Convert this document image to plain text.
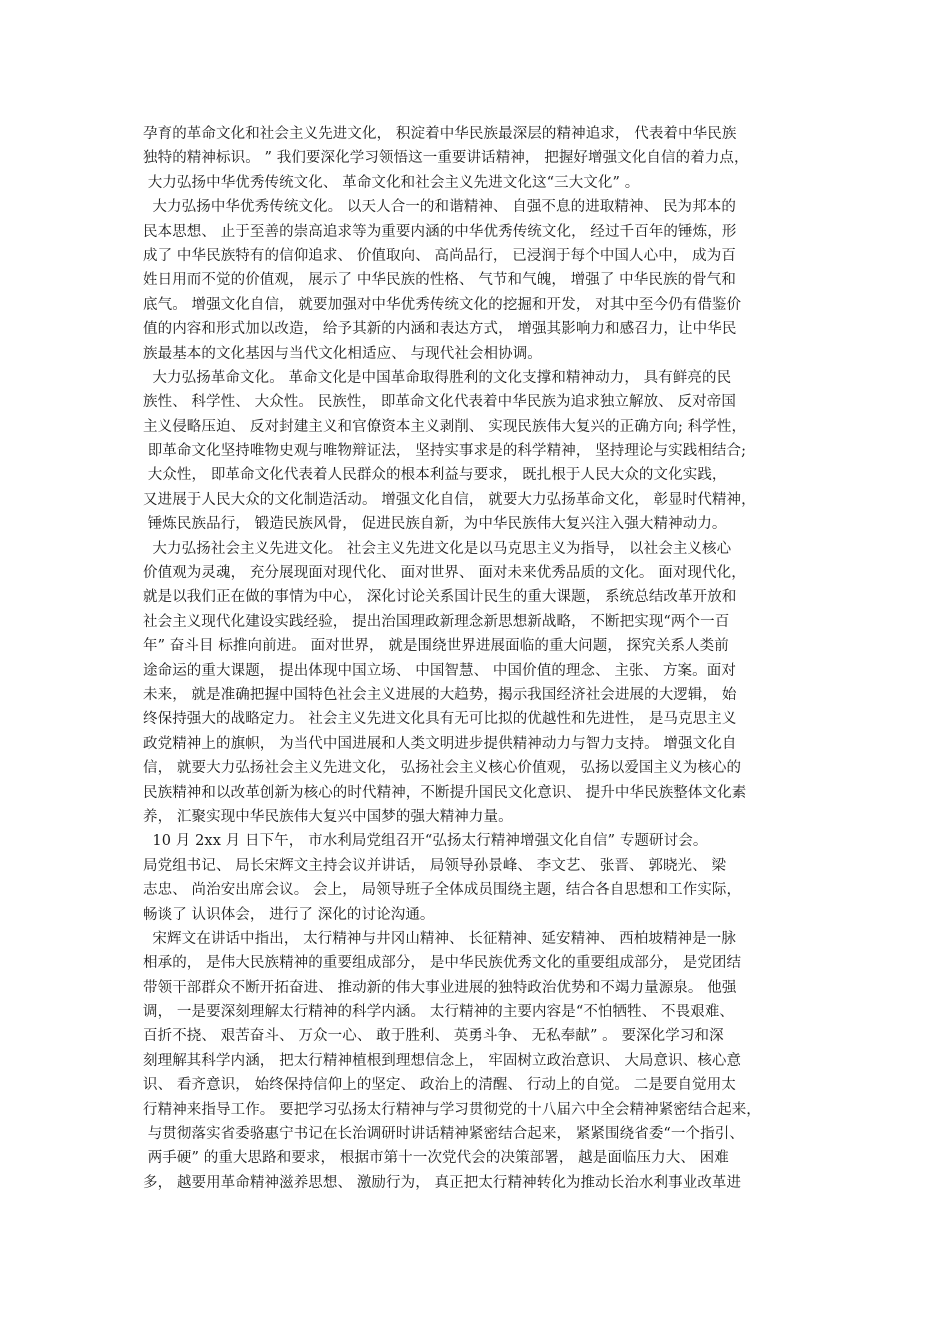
孕育的革命文化和社会主义先进文化， 积淀着中华民族最深层的精神追求， 代表着中华民族
独特的精神标识。 ” 我们要深化学习领悟这一重要讲话精神， 把握好增强文化自信的着力点，
大力弘扬中华优秀传统文化、 革命文化和社会主义先进文化这“三大文化” 。
大力弘扬中华优秀传统文化。 以天人合一的和谐精神、 自强不息的进取精神、 民为邦本的
民本思想、 止于至善的崇高追求等为重要内涵的中华优秀传统文化， 经过千百年的锤炼，形
成了 中华民族特有的信仰追求、 价值取向、 高尚品行， 已浸润于每个中国人心中， 成为百
姓日用而不觉的价值观， 展示了 中华民族的性格、 气节和气魄， 增强了 中华民族的骨气和
底气。 增强文化自信， 就要加强对中华优秀传统文化的挖掘和开发， 对其中至今仍有借鉴价
值的内容和形式加以改造， 给予其新的内涵和表达方式， 增强其影响力和感召力，让中华民
族最基本的文化基因与当代文化相适应、 与现代社会相协调。
大力弘扬革命文化。 革命文化是中国革命取得胜利的文化支撑和精神动力， 具有鲜亮的民
族性、 科学性、 大众性。 民族性， 即革命文化代表着中华民族为追求独立解放、 反对帝国
主义侵略压迫、 反对封建主义和官僚资本主义剥削、 实现民族伟大复兴的正确方向; 科学性，
即革命文化坚持唯物史观与唯物辩证法， 坚持实事求是的科学精神， 坚持理论与实践相结合;
大众性， 即革命文化代表着人民群众的根本利益与要求， 既扎根于人民大众的文化实践，
又进展于人民大众的文化制造活动。 增强文化自信， 就要大力弘扬革命文化， 彰显时代精神，
锤炼民族品行， 锻造民族风骨， 促进民族自新，为中华民族伟大复兴注入强大精神动力。
大力弘扬社会主义先进文化。 社会主义先进文化是以马克思主义为指导， 以社会主义核心
价值观为灵魂， 充分展现面对现代化、 面对世界、 面对未来优秀品质的文化。 面对现代化，
就是以我们正在做的事情为中心， 深化讨论关系国计民生的重大课题， 系统总结改革开放和
社会主义现代化建设实践经验， 提出治国理政新理念新思想新战略， 不断把实现“两个一百
年” 奋斗目 标推向前进。 面对世界， 就是围绕世界进展面临的重大问题， 探究关系人类前
途命运的重大课题， 提出体现中国立场、 中国智慧、 中国价值的理念、 主张、 方案。面对
未来， 就是准确把握中国特色社会主义进展的大趋势，揭示我国经济社会进展的大逻辑， 始
终保持强大的战略定力。 社会主义先进文化具有无可比拟的优越性和先进性， 是马克思主义
政党精神上的旗帜， 为当代中国进展和人类文明进步提供精神动力与智力支持。 增强文化自
信， 就要大力弘扬社会主义先进文化， 弘扬社会主义核心价值观， 弘扬以爱国主义为核心的
民族精神和以改革创新为核心的时代精神，不断提升国民文化意识、 提升中华民族整体文化素
养， 汇聚实现中华民族伟大复兴中国梦的强大精神力量。
10 月 2xx 月 日下午， 市水利局党组召开“弘扬太行精神增强文化自信” 专题研讨会。
局党组书记、 局长宋辉文主持会议并讲话， 局领导孙景峰、 李文艺、 张晋、 郭晓光、 梁
志忠、 尚治安出席会议。 会上， 局领导班子全体成员围绕主题，结合各自思想和工作实际，
畅谈了 认识体会， 进行了 深化的讨论沟通。
宋辉文在讲话中指出， 太行精神与井冈山精神、 长征精神、延安精神、 西柏坡精神是一脉
相承的， 是伟大民族精神的重要组成部分， 是中华民族优秀文化的重要组成部分， 是党团结
带领干部群众不断开拓奋进、 推动新的伟大事业进展的独特政治优势和不竭力量源泉。 他强
调， 一是要深刻理解太行精神的科学内涵。 太行精神的主要内容是“不怕牺牲、 不畏艰难、
百折不挠、 艰苦奋斗、 万众一心、 敢于胜利、 英勇斗争、 无私奉献” 。 要深化学习和深
刻理解其科学内涵， 把太行精神植根到理想信念上， 牢固树立政治意识、 大局意识、核心意
识、 看齐意识， 始终保持信仰上的坚定、 政治上的清醒、 行动上的自觉。 二是要自觉用太
行精神来指导工作。 要把学习弘扬太行精神与学习贯彻党的十八届六中全会精神紧密结合起来，
与贯彻落实省委骆惠宁书记在长治调研时讲话精神紧密结合起来， 紧紧围绕省委“一个指引、
两手硬” 的重大思路和要求， 根据市第十一次党代会的决策部署， 越是面临压力大、 困难
多， 越要用革命精神滋养思想、 激励行为， 真正把太行精神转化为推动长治水利事业改革进
